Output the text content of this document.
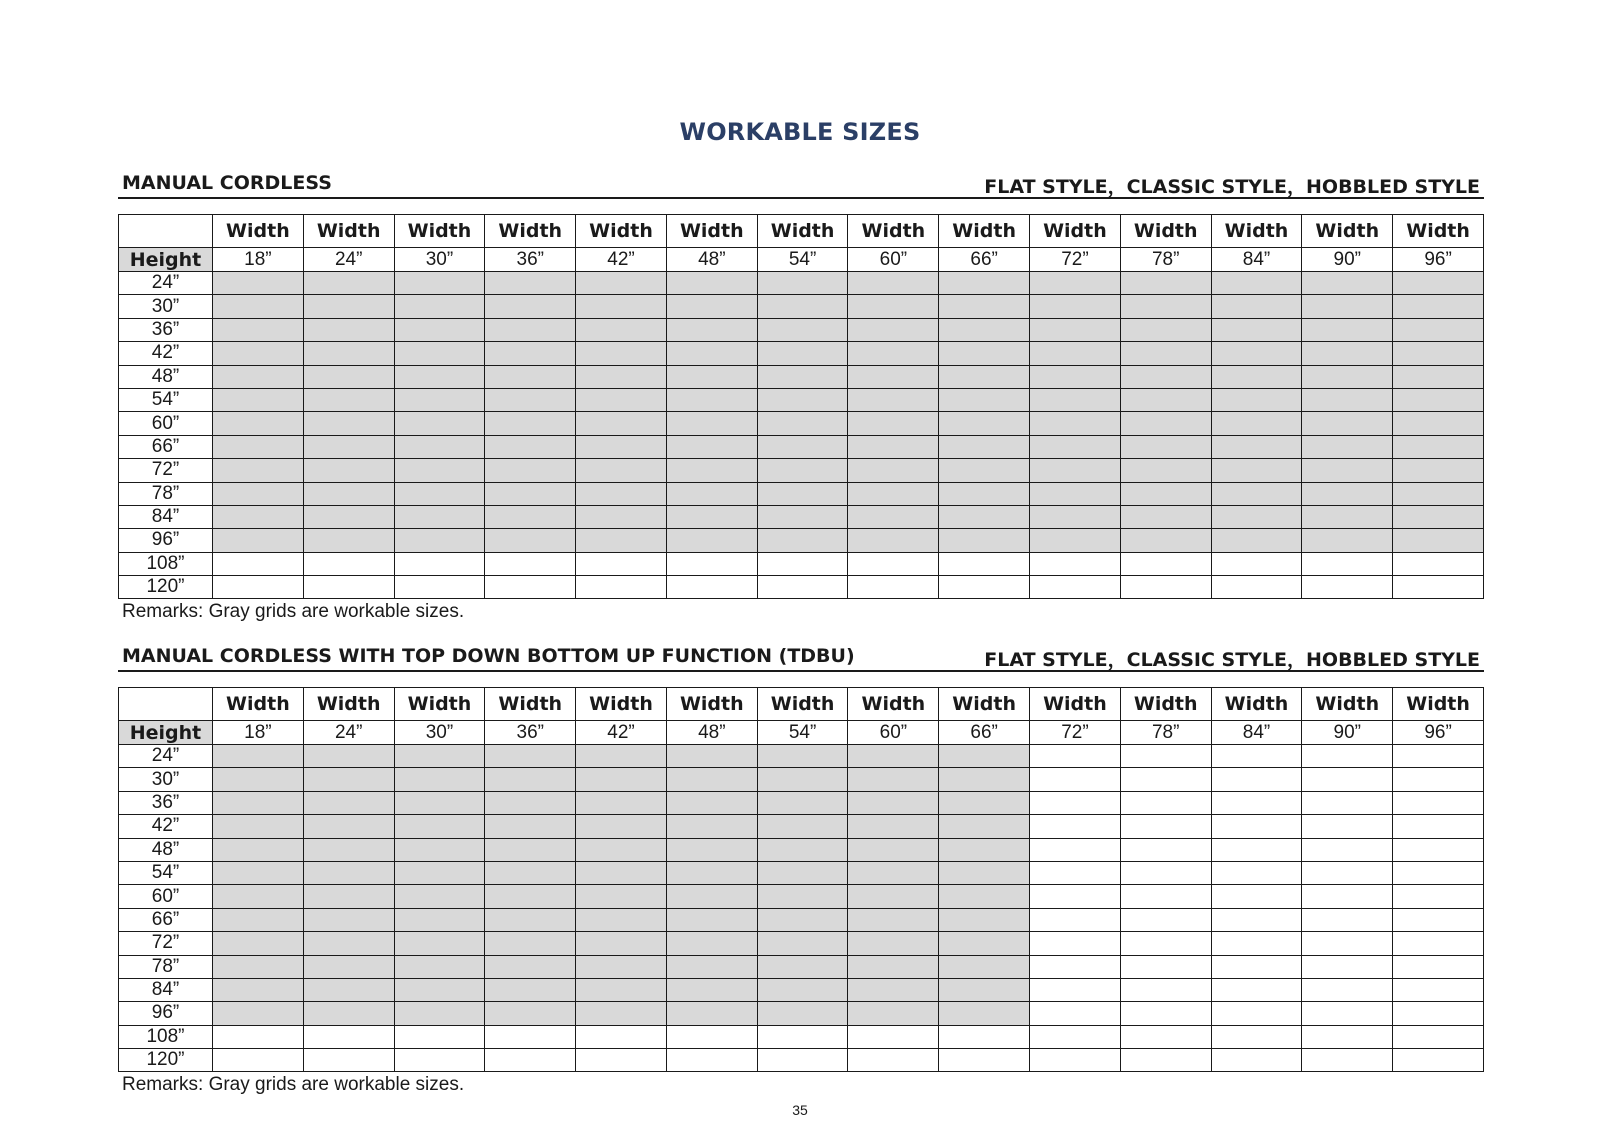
WORKABLE SIZES
MANUAL CORDLESS	FLAT STYLE，CLASSIC STYLE，HOBBLED STYLE
	Width	Width	Width	Width	Width	Width	Width	Width	Width	Width	Width	Width	Width	Width
Height	18”	24”	30”	36”	42”	48”	54”	60”	66”	72”	78”	84”	90”	96”
24”														
30”														
36”														
42”														
48”														
54”														
60”														
66”														
72”														
78”														
84”														
96”														
108”														
120”														
Remarks: Gray grids are workable sizes.
MANUAL CORDLESS WITH TOP DOWN BOTTOM UP FUNCTION (TDBU)	FLAT STYLE，CLASSIC STYLE，HOBBLED STYLE
	Width	Width	Width	Width	Width	Width	Width	Width	Width	Width	Width	Width	Width	Width
Height	18”	24”	30”	36”	42”	48”	54”	60”	66”	72”	78”	84”	90”	96”
24”														
30”														
36”														
42”														
48”														
54”														
60”														
66”														
72”														
78”														
84”														
96”														
108”														
120”														
Remarks: Gray grids are workable sizes.
35
